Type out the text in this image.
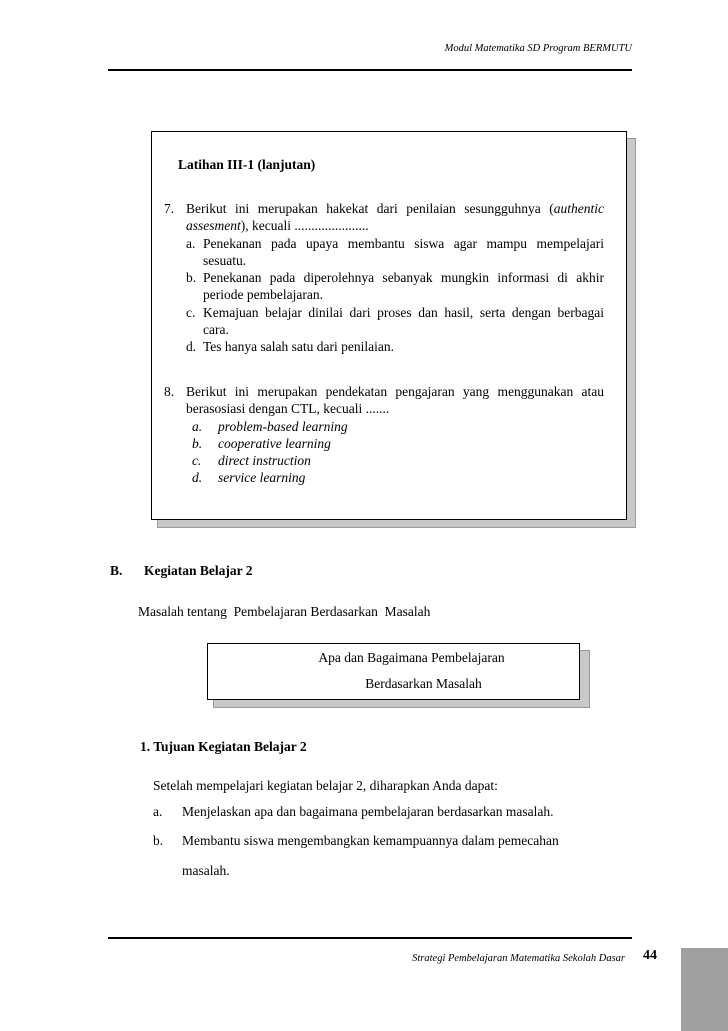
Modul Matematika SD Program BERMUTU
Latihan III-1 (lanjutan)
7. Berikut ini merupakan hakekat dari penilaian sesungguhnya (authentic assesment), kecuali ......................
a. Penekanan pada upaya membantu siswa agar mampu mempelajari sesuatu.
b. Penekanan pada diperolehnya sebanyak mungkin informasi di akhir periode pembelajaran.
c. Kemajuan belajar dinilai dari proses dan hasil, serta dengan berbagai cara.
d. Tes hanya salah satu dari penilaian.
8. Berikut ini merupakan pendekatan pengajaran yang menggunakan atau berasosiasi dengan CTL, kecuali .......
a. problem-based learning
b. cooperative learning
c. direct instruction
d. service learning
B. Kegiatan Belajar 2
Masalah tentang  Pembelajaran Berdasarkan  Masalah
Apa dan Bagaimana Pembelajaran
Berdasarkan Masalah
1. Tujuan Kegiatan Belajar 2
Setelah mempelajari kegiatan belajar 2, diharapkan Anda dapat:
a. Menjelaskan apa dan bagaimana pembelajaran berdasarkan masalah.
b. Membantu siswa mengembangkan kemampuannya dalam pemecahan
masalah.
Strategi Pembelajaran Matematika Sekolah Dasar 44
